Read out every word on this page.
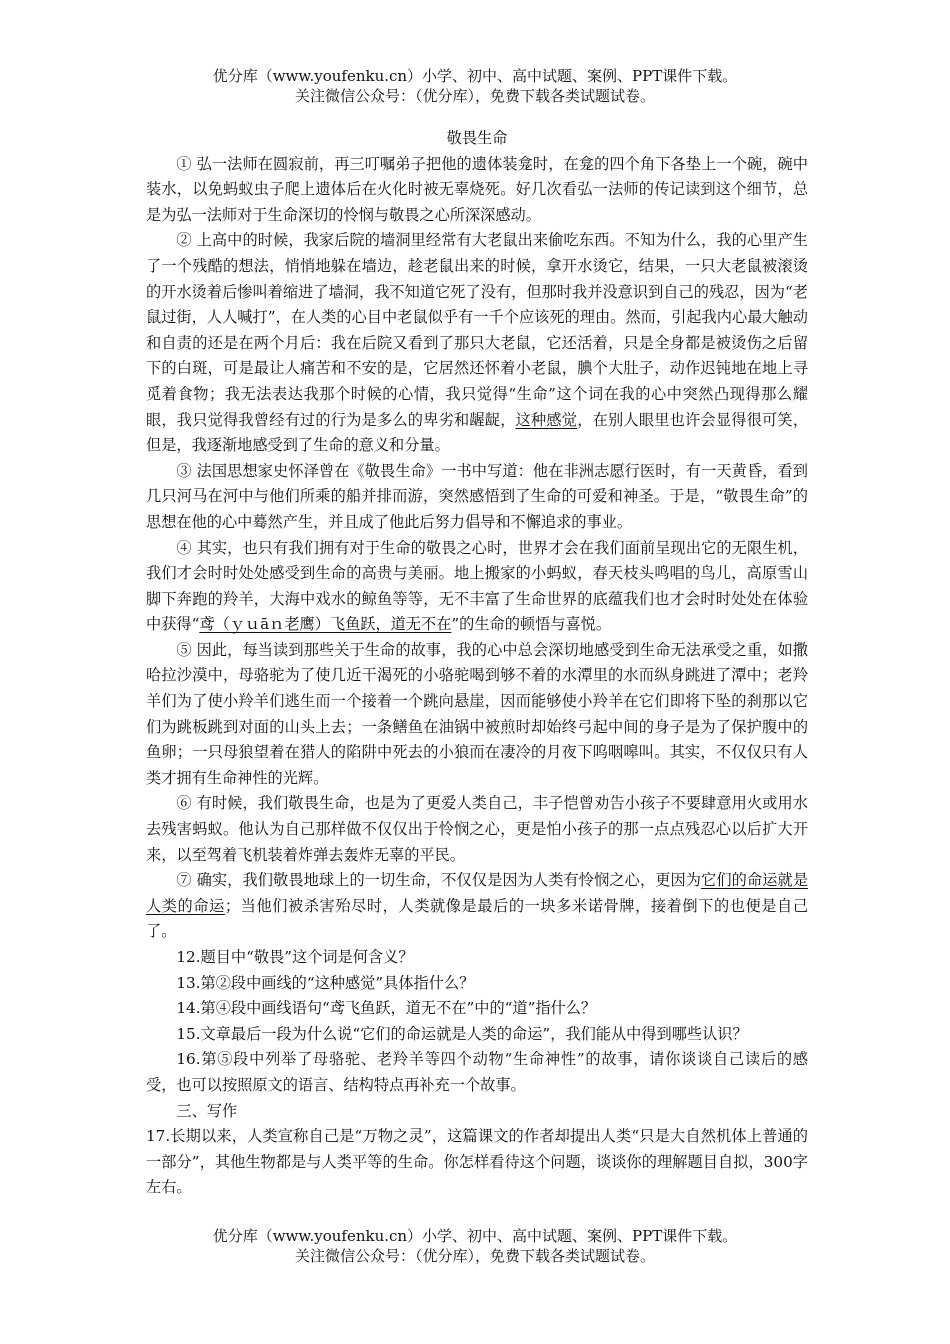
优分库（www.youfenku.cn）小学、初中、高中试题、案例、PPT课件下载。
关注微信公众号：（优分库），免费下载各类试题试卷。
敬畏生命

① 弘一法师在圆寂前，再三叮嘱弟子把他的遗体装龛时，在龛的四个角下各垫上一个碗，碗中装水，以免蚂蚁虫子爬上遗体后在火化时被无辜烧死。好几次看弘一法师的传记读到这个细节，总是为弘一法师对于生命深切的怜悯与敬畏之心所深深感动。

② 上高中的时候，我家后院的墙洞里经常有大老鼠出来偷吃东西。不知为什么，我的心里产生了一个残酷的想法，悄悄地躲在墙边，趁老鼠出来的时候，拿开水烫它，结果，一只大老鼠被滚烫的开水烫着后惨叫着缩进了墙洞，我不知道它死了没有，但那时我并没意识到自己的残忍，因为“老鼠过街，人人喊打”，在人类的心目中老鼠似乎有一千个应该死的理由。然而，引起我内心最大触动和自责的还是在两个月后：我在后院又看到了那只大老鼠，它还活着，只是全身都是被烫伤之后留下的白斑，可是最让人痛苦和不安的是，它居然还怀着小老鼠，腆个大肚子，动作迟钝地在地上寻觅着食物；我无法表达我那个时候的心情，我只觉得“生命”这个词在我的心中突然凸现得那么耀眼，我只觉得我曾经有过的行为是多么的卑劣和龌龊，这种感觉，在别人眼里也许会显得很可笑，但是，我逐渐地感受到了生命的意义和分量。

③ 法国思想家史怀泽曾在《敬畏生命》一书中写道：他在非洲志愿行医时，有一天黄昏，看到几只河马在河中与他们所乘的船并排而游，突然感悟到了生命的可爱和神圣。于是，“敬畏生命”的思想在他的心中蓦然产生，并且成了他此后努力倡导和不懈追求的事业。

④ 其实，也只有我们拥有对于生命的敬畏之心时，世界才会在我们面前呈现出它的无限生机，我们才会时时处处感受到生命的高贵与美丽。地上搬家的小蚂蚁，春天枝头鸣唱的鸟儿，高原雪山脚下奔跑的羚羊，大海中戏水的鲸鱼等等，无不丰富了生命世界的底蕴我们也才会时时处处在体验中获得“鸢（ｙｕāｎ老鹰）飞鱼跃，道无不在”的生命的顿悟与喜悦。

⑤ 因此，每当读到那些关于生命的故事，我的心中总会深切地感受到生命无法承受之重，如撒哈拉沙漠中，母骆驼为了使几近干渴死的小骆驼喝到够不着的水潭里的水而纵身跳进了潭中；老羚羊们为了使小羚羊们逃生而一个接着一个跳向悬崖，因而能够使小羚羊在它们即将下坠的刹那以它们为跳板跳到对面的山头上去；一条鳝鱼在油锅中被煎时却始终弓起中间的身子是为了保护腹中的鱼卵；一只母狼望着在猎人的陷阱中死去的小狼而在凄冷的月夜下呜咽嗥叫。其实，不仅仅只有人类才拥有生命神性的光辉。

⑥ 有时候，我们敬畏生命，也是为了更爱人类自己，丰子恺曾劝告小孩子不要肆意用火或用水去残害蚂蚁。他认为自己那样做不仅仅出于怜悯之心，更是怕小孩子的那一点点残忍心以后扩大开来，以至驾着飞机装着炸弹去轰炸无辜的平民。

⑦ 确实，我们敬畏地球上的一切生命，不仅仅是因为人类有怜悯之心，更因为它们的命运就是人类的命运；当他们被杀害殆尽时，人类就像是最后的一块多米诺骨牌，接着倒下的也便是自己了。

12.题目中“敬畏”这个词是何含义？

13.第②段中画线的“这种感觉”具体指什么？

14.第④段中画线语句“鸢飞鱼跃，道无不在”中的“道”指什么？

15.文章最后一段为什么说“它们的命运就是人类的命运”，我们能从中得到哪些认识？

16.第⑤段中列举了母骆驼、老羚羊等四个动物“生命神性”的故事，请你谈谈自己读后的感受，也可以按照原文的语言、结构特点再补充一个故事。

三、写作

17.长期以来，人类宣称自己是“万物之灵”，这篇课文的作者却提出人类“只是大自然机体上普通的一部分”，其他生物都是与人类平等的生命。你怎样看待这个问题，谈谈你的理解题目自拟，300字左右。

优分库（www.youfenku.cn）小学、初中、高中试题、案例、PPT课件下载。
关注微信公众号：（优分库），免费下载各类试题试卷。
